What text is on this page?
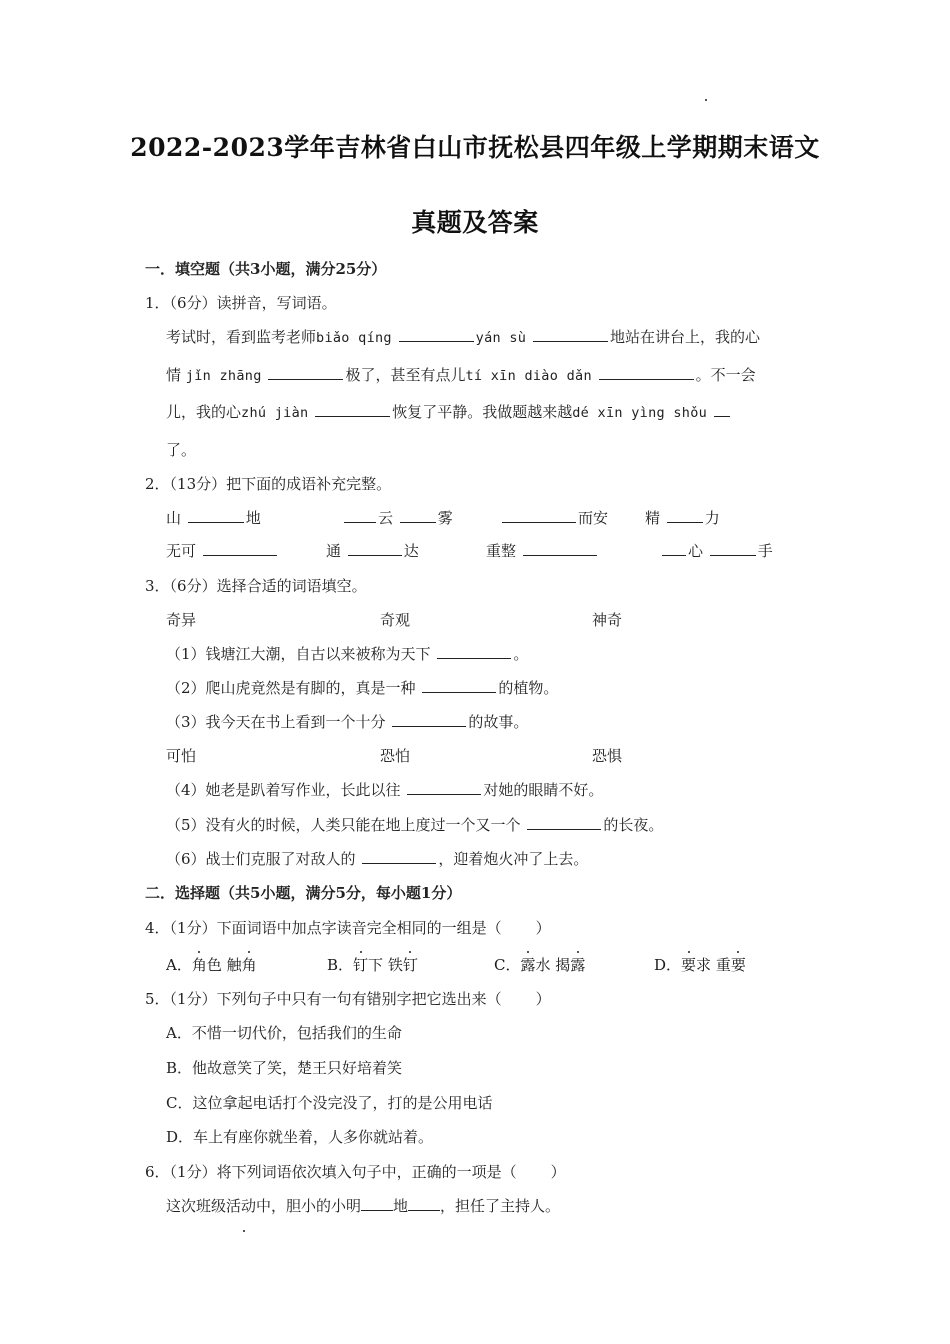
2022-2023学年吉林省白山市抚松县四年级上学期期末语文
真题及答案
一．填空题（共3小题，满分25分）
1．（6分）读拼音，写词语。
考试时，看到监考老师biǎo qíng	yán sù	地站在讲台上，我的心
情 jǐn zhāng	极了，甚至有点儿tí xīn diào dǎn	。不一会
儿，我的心zhú jiàn	恢复了平静。我做题越来越dé xīn yìng shǒu
了。
2．（13分）把下面的成语补充完整。
山	地	云	雾	而安 精	力
无可	通	达	重整	心	手
3．（6分）选择合适的词语填空。
奇异	奇观	神奇
（1）钱塘江大潮，自古以来被称为天下	。
（2）爬山虎竟然是有脚的，真是一种	的植物。
（3）我今天在书上看到一个十分	的故事。
可怕	恐怕	恐惧
（4）她老是趴着写作业，长此以往	对她的眼睛不好。
（5）没有火的时候，人类只能在地上度过一个又一个	的长夜。
（6）战士们克服了对敌人的	，迎着炮火冲了上去。
二．选择题（共5小题，满分5分，每小题1分）
4．（1分）下面词语中加点字读音完全相同的一组是（ ）
A．角色 触角	B．钉下 铁钉	C．露水 揭露	D．要求 重要
5．（1分）下列句子中只有一句有错别字把它选出来（ ）
A．不惜一切代价，包括我们的生命
B．他故意笑了笑，楚王只好培着笑
C．这位拿起电话打个没完没了，打的是公用电话
D．车上有座你就坐着，人多你就站着。
6．（1分）将下列词语依次填入句子中，正确的一项是（ ）
这次班级活动中，胆小的小明 地 ，担任了主持人。
